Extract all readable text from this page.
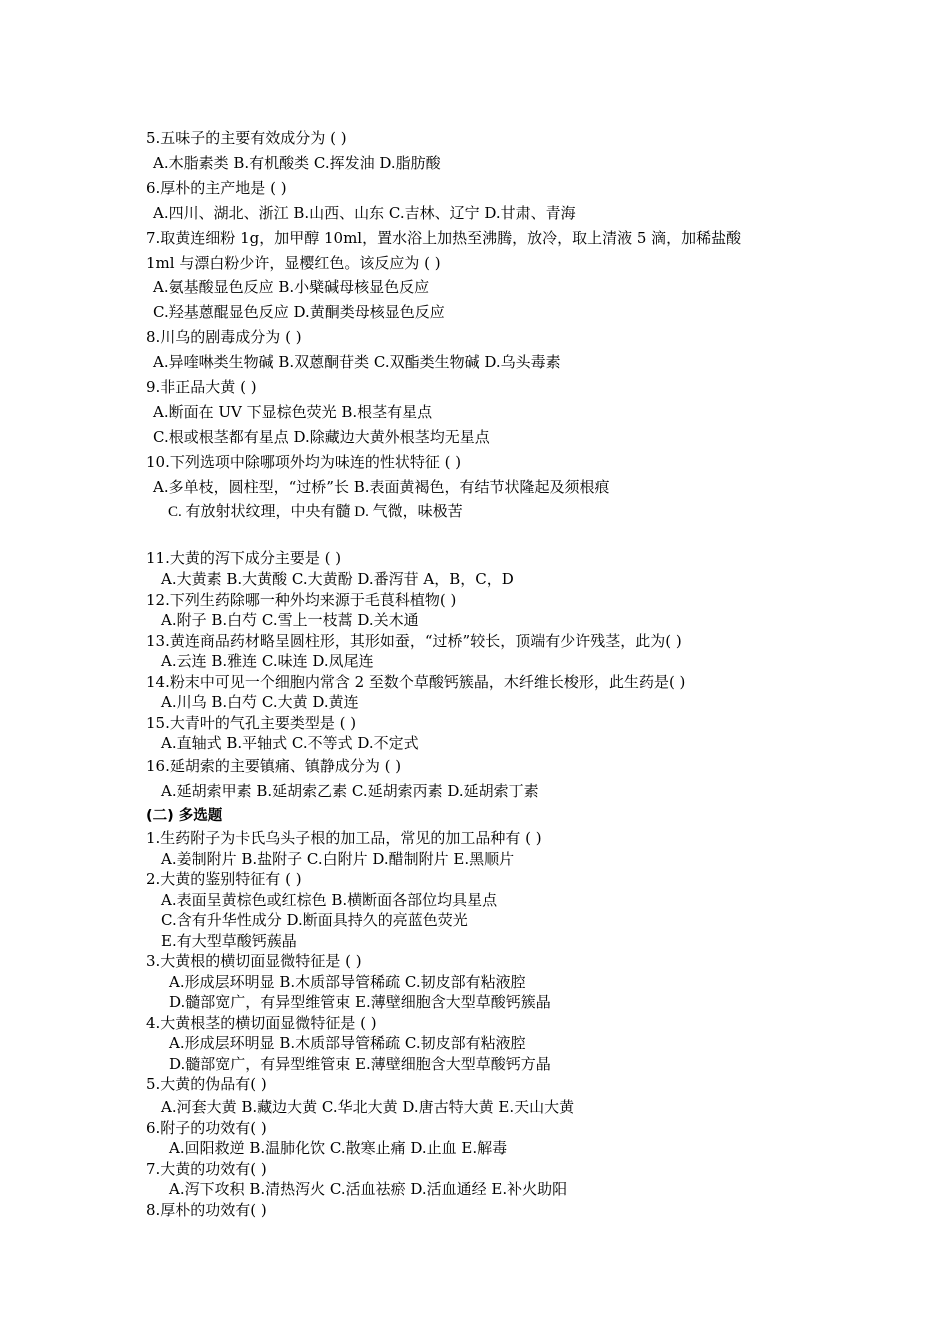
5.五味子的主要有效成分为 ( )
A.木脂素类 B.有机酸类 C.挥发油 D.脂肪酸
6.厚朴的主产地是 ( )
A.四川、湖北、浙江 B.山西、山东 C.吉林、辽宁 D.甘肃、青海
7.取黄连细粉 1g，加甲醇 10ml，置水浴上加热至沸腾，放冷，取上清液 5 滴，加稀盐酸
1ml 与漂白粉少许，显樱红色。该反应为 ( )
A.氨基酸显色反应 B.小檗碱母核显色反应
C.羟基蒽醌显色反应 D.黄酮类母核显色反应
8.川乌的剧毒成分为 ( )
A.异喹啉类生物碱 B.双蒽酮苷类 C.双酯类生物碱 D.乌头毒素
9.非正品大黄 ( )
A.断面在 UV 下显棕色荧光 B.根茎有星点
C.根或根茎都有星点 D.除藏边大黄外根茎均无星点
10.下列选项中除哪项外均为味连的性状特征 ( )
A.多单枝，圆柱型，“过桥”长 B.表面黄褐色，有结节状隆起及须根痕
C. 有放射状纹理，中央有髓 D. 气微，味极苦
11.大黄的泻下成分主要是 ( )
A.大黄素 B.大黄酸 C.大黄酚 D.番泻苷 A，B，C，D
12.下列生药除哪一种外均来源于毛茛科植物( )
A.附子 B.白芍 C.雪上一枝蒿 D.关木通
13.黄连商品药材略呈圆柱形，其形如蚕，“过桥”较长，顶端有少许残茎，此为( )
A.云连 B.雅连 C.味连 D.凤尾连
14.粉末中可见一个细胞内常含 2 至数个草酸钙簇晶，木纤维长梭形，此生药是( )
A.川乌 B.白芍 C.大黄 D.黄连
15.大青叶的气孔主要类型是 ( )
A.直轴式 B.平轴式 C.不等式 D.不定式
16.延胡索的主要镇痛、镇静成分为 ( )
A.延胡索甲素 B.延胡索乙素 C.延胡索丙素 D.延胡索丁素
(二) 多选题
1.生药附子为卡氏乌头子根的加工品，常见的加工品种有 ( )
A.姜制附片 B.盐附子 C.白附片 D.醋制附片 E.黑顺片
2.大黄的鉴别特征有 ( )
A.表面呈黄棕色或红棕色 B.横断面各部位均具星点
C.含有升华性成分 D.断面具持久的亮蓝色荧光
E.有大型草酸钙蔟晶
3.大黄根的横切面显微特征是 ( )
A.形成层环明显 B.木质部导管稀疏 C.韧皮部有粘液腔
D.髓部宽广，有异型维管束 E.薄壁细胞含大型草酸钙簇晶
4.大黄根茎的横切面显微特征是 ( )
A.形成层环明显 B.木质部导管稀疏 C.韧皮部有粘液腔
D.髓部宽广，有异型维管束 E.薄壁细胞含大型草酸钙方晶
5.大黄的伪品有( )
A.河套大黄 B.藏边大黄 C.华北大黄 D.唐古特大黄 E.天山大黄
6.附子的功效有( )
A.回阳救逆 B.温肺化饮 C.散寒止痛 D.止血 E.解毒
7.大黄的功效有( )
A.泻下攻积 B.清热泻火 C.活血祛瘀 D.活血通经 E.补火助阳
8.厚朴的功效有( )
